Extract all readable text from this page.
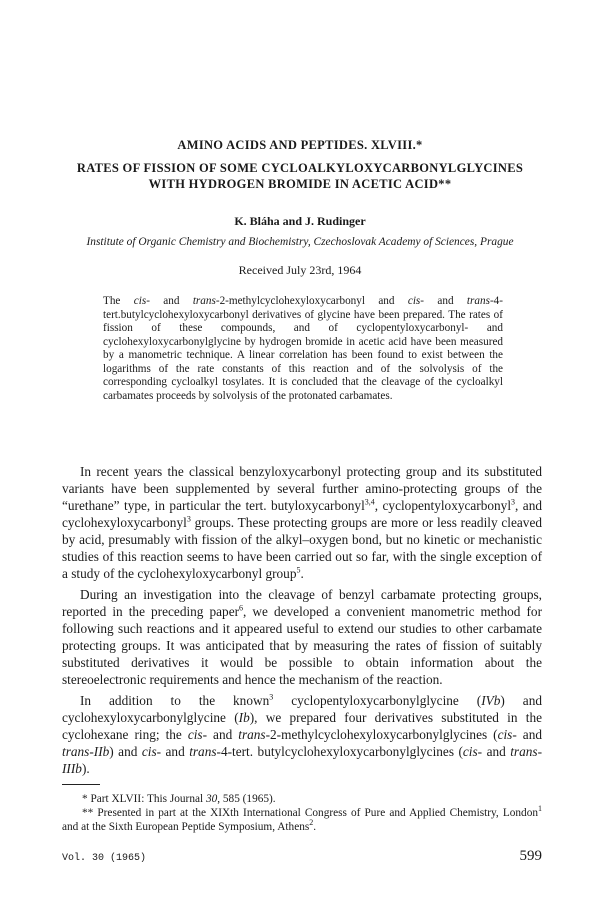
AMINO ACIDS AND PEPTIDES. XLVIII.*
RATES OF FISSION OF SOME CYCLOALKYLOXYCARBONYLGLYCINES
WITH HYDROGEN BROMIDE IN ACETIC ACID**
K. Bláha and J. Rudinger
Institute of Organic Chemistry and Biochemistry, Czechoslovak Academy of Sciences, Prague
Received July 23rd, 1964
The cis- and trans-2-methylcyclohexyloxycarbonyl and cis- and trans-4-tert.butylcyclohexyloxycarbonyl derivatives of glycine have been prepared. The rates of fission of these compounds, and of cyclopentyloxycarbonyl- and cyclohexyloxycarbonylglycine by hydrogen bromide in acetic acid have been measured by a manometric technique. A linear correlation has been found to exist between the logarithms of the rate constants of this reaction and of the solvolysis of the corresponding cycloalkyl tosylates. It is concluded that the cleavage of the cycloalkyl carbamates proceeds by solvolysis of the protonated carbamates.

In recent years the classical benzyloxycarbonyl protecting group and its substituted variants have been supplemented by several further amino-protecting groups of the “urethane” type, in particular the tert. butyloxycarbonyl$^{3,4}$, cyclopentyloxycarbonyl$^3$, and cyclohexyloxycarbonyl$^3$ groups. These protecting groups are more or less readily cleaved by acid, presumably with fission of the alkyl–oxygen bond, but no kinetic or mechanistic studies of this reaction seems to have been carried out so far, with the single exception of a study of the cyclohexyloxycarbonyl group$^5$.

During an investigation into the cleavage of benzyl carbamate protecting groups, reported in the preceding paper$^6$, we developed a convenient manometric method for following such reactions and it appeared useful to extend our studies to other carbamate protecting groups. It was anticipated that by measuring the rates of fission of suitably substituted derivatives it would be possible to obtain information about the stereoelectronic requirements and hence the mechanism of the reaction.

In addition to the known$^3$ cyclopentyloxycarbonylglycine (IVb) and cyclohexyloxycarbonylglycine (Ib), we prepared four derivatives substituted in the cyclohexane ring; the cis- and trans-2-methylcyclohexyloxycarbonylglycines (cis- and trans-IIb) and cis- and trans-4-tert. butylcyclohexyloxycarbonylglycines (cis- and trans-IIIb).

* Part XLVII: This Journal 30, 585 (1965).
** Presented in part at the XIXth International Congress of Pure and Applied Chemistry, London$^1$ and at the Sixth European Peptide Symposium, Athens$^2$.
Vol. 30 (1965)	599
